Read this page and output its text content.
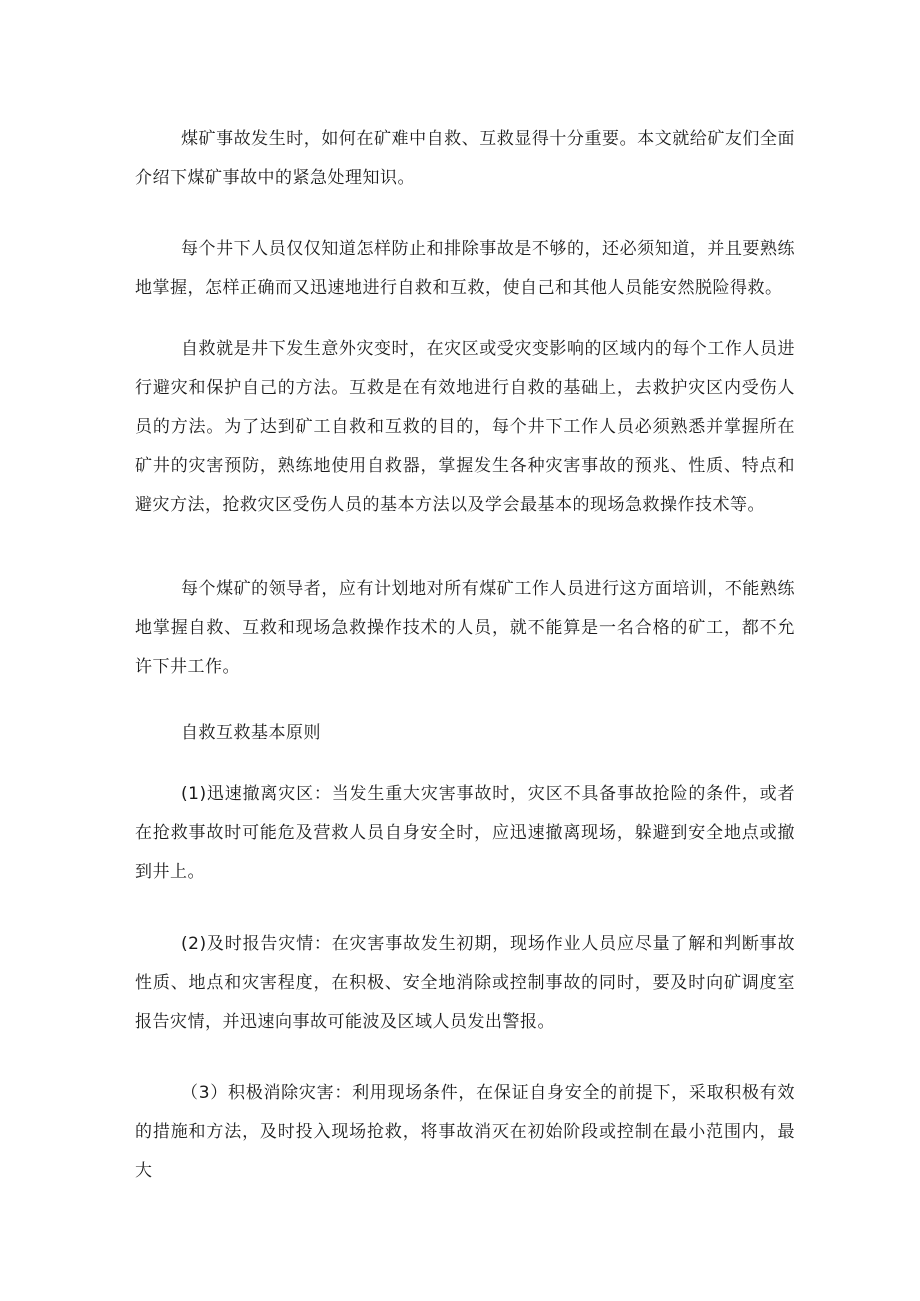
煤矿事故发生时，如何在矿难中自救、互救显得十分重要。本文就给矿友们全面介绍下煤矿事故中的紧急处理知识。

每个井下人员仅仅知道怎样防止和排除事故是不够的，还必须知道，并且要熟练地掌握，怎样正确而又迅速地进行自救和互救，使自己和其他人员能安然脱险得救。

自救就是井下发生意外灾变时，在灾区或受灾变影响的区域内的每个工作人员进行避灾和保护自己的方法。互救是在有效地进行自救的基础上，去救护灾区内受伤人员的方法。为了达到矿工自救和互救的目的，每个井下工作人员必须熟悉并掌握所在矿井的灾害预防，熟练地使用自救器，掌握发生各种灾害事故的预兆、性质、特点和避灾方法，抢救灾区受伤人员的基本方法以及学会最基本的现场急救操作技术等。

每个煤矿的领导者，应有计划地对所有煤矿工作人员进行这方面培训，不能熟练地掌握自救、互救和现场急救操作技术的人员，就不能算是一名合格的矿工，都不允许下井工作。

自救互救基本原则

(1)迅速撤离灾区：当发生重大灾害事故时，灾区不具备事故抢险的条件，或者在抢救事故时可能危及营救人员自身安全时，应迅速撤离现场，躲避到安全地点或撤到井上。

(2)及时报告灾情：在灾害事故发生初期，现场作业人员应尽量了解和判断事故性质、地点和灾害程度，在积极、安全地消除或控制事故的同时，要及时向矿调度室报告灾情，并迅速向事故可能波及区域人员发出警报。

（3）积极消除灾害：利用现场条件，在保证自身安全的前提下，采取积极有效的措施和方法，及时投入现场抢救，将事故消灭在初始阶段或控制在最小范围内，最大
